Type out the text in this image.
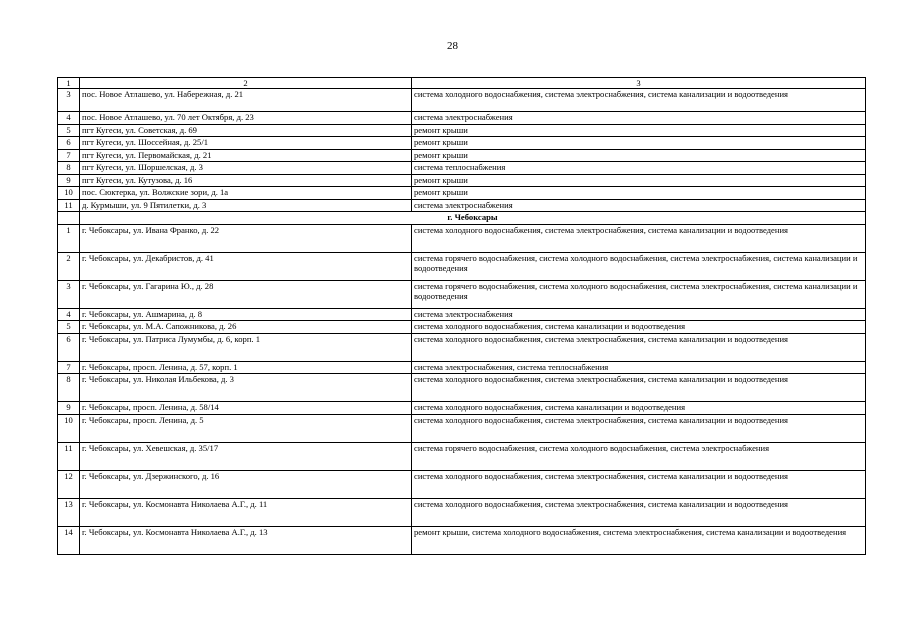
28
1	2	3
3	пос. Новое Атлашево, ул. Набережная, д. 21	система холодного водоснабжения, система электроснабжения, система канализации и водоотведения
4	пос. Новое Атлашево, ул. 70 лет Октября, д. 23	система электроснабжения
5	пгт Кугеси, ул. Советская, д. 69	ремонт крыши
6	пгт Кугеси, ул. Шоссейная, д. 25/1	ремонт крыши
7	пгт Кугеси, ул. Первомайская, д. 21	ремонт крыши
8	пгт Кугеси, ул. Шоршелская, д. 3	система теплоснабжения
9	пгт Кугеси, ул. Кутузова, д. 16	ремонт крыши
10	пос. Сюктерка, ул. Волжские зори, д. 1а	ремонт крыши
11	д. Курмыши, ул. 9 Пятилетки, д. 3	система электроснабжения
	г. Чебоксары	
1	г. Чебоксары, ул. Ивана Франко, д. 22	система холодного водоснабжения, система электроснабжения, система канализации и водоотведения
2	г. Чебоксары, ул. Декабристов, д. 41	система горячего водоснабжения, система холодного водоснабжения, система электроснабжения, система канализации и водоотведения
3	г. Чебоксары, ул. Гагарина Ю., д. 28	система горячего водоснабжения, система холодного водоснабжения, система электроснабжения, система канализации и водоотведения
4	г. Чебоксары, ул. Ашмарина, д. 8	система электроснабжения
5	г. Чебоксары, ул. М.А. Сапожникова, д. 26	система холодного водоснабжения, система канализации и водоотведения
6	г. Чебоксары, ул. Патриса Лумумбы, д. 6, корп. 1	система холодного водоснабжения, система электроснабжения, система канализации и водоотведения
7	г. Чебоксары, просп. Ленина, д. 57, корп. 1	система электроснабжения, система теплоснабжения
8	г. Чебоксары, ул. Николая Ильбекова, д. 3	система холодного водоснабжения, система электроснабжения, система канализации и водоотведения
9	г. Чебоксары, просп. Ленина, д. 58/14	система холодного водоснабжения, система канализации и водоотведения
10	г. Чебоксары, просп. Ленина, д. 5	система холодного водоснабжения, система электроснабжения, система канализации и водоотведения
11	г. Чебоксары, ул. Хевешская, д. 35/17	система горячего водоснабжения, система холодного водоснабжения, система электроснабжения
12	г. Чебоксары, ул. Дзержинского, д. 16	система холодного водоснабжения, система электроснабжения, система канализации и водоотведения
13	г. Чебоксары, ул. Космонавта Николаева А.Г., д. 11	система холодного водоснабжения, система электроснабжения, система канализации и водоотведения
14	г. Чебоксары, ул. Космонавта Николаева А.Г., д. 13	ремонт крыши, система холодного водоснабжения, система электроснабжения, система канализации и водоотведения
